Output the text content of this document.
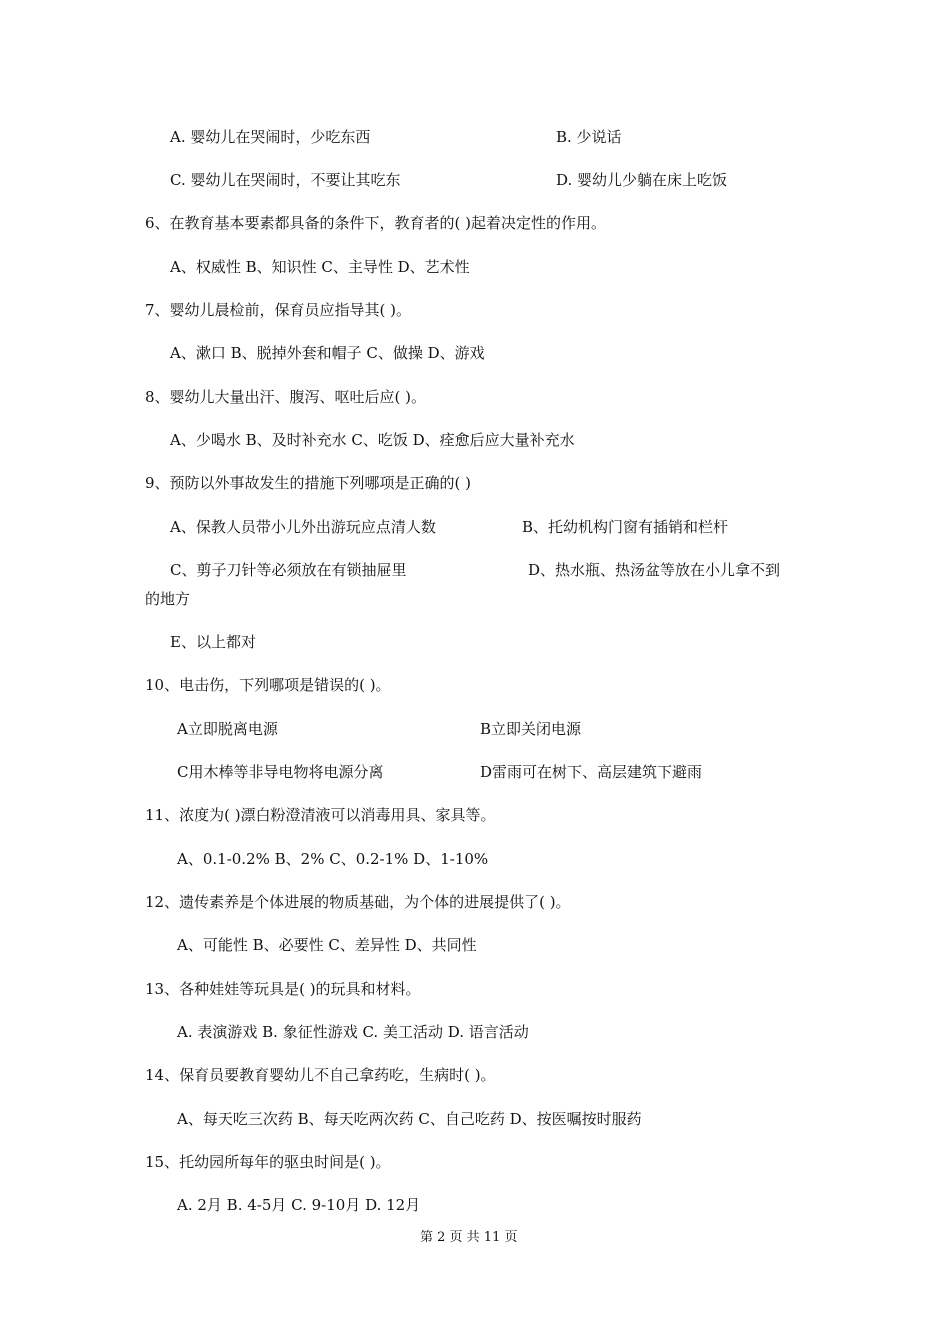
A. 婴幼儿在哭闹时，少吃东西	B. 少说话
C. 婴幼儿在哭闹时，不要让其吃东	D. 婴幼儿少躺在床上吃饭
6、在教育基本要素都具备的条件下，教育者的( )起着决定性的作用。
A、权威性 B、知识性 C、主导性 D、艺术性
7、婴幼儿晨检前，保育员应指导其( )。
A、漱口 B、脱掉外套和帽子 C、做操 D、游戏
8、婴幼儿大量出汗、腹泻、呕吐后应( )。
A、少喝水 B、及时补充水 C、吃饭 D、痊愈后应大量补充水
9、预防以外事故发生的措施下列哪项是正确的( )
A、保教人员带小儿外出游玩应点清人数	B、托幼机构门窗有插销和栏杆
C、剪子刀针等必须放在有锁抽屉里	D、热水瓶、热汤盆等放在小儿拿不到
的地方
E、以上都对
10、电击伤，下列哪项是错误的( )。
A立即脱离电源	B立即关闭电源
C用木棒等非导电物将电源分离	D雷雨可在树下、高层建筑下避雨
11、浓度为( )漂白粉澄清液可以消毒用具、家具等。
A、0.1-0.2% B、2% C、0.2-1% D、1-10%
12、遗传素养是个体进展的物质基础，为个体的进展提供了( )。
A、可能性 B、必要性 C、差异性 D、共同性
13、各种娃娃等玩具是( )的玩具和材料。
A. 表演游戏 B. 象征性游戏 C. 美工活动 D. 语言活动
14、保育员要教育婴幼儿不自己拿药吃，生病时( )。
A、每天吃三次药 B、每天吃两次药 C、自己吃药 D、按医嘱按时服药
15、托幼园所每年的驱虫时间是( )。
A. 2月 B. 4-5月 C. 9-10月 D. 12月
第 2 页 共 11 页
